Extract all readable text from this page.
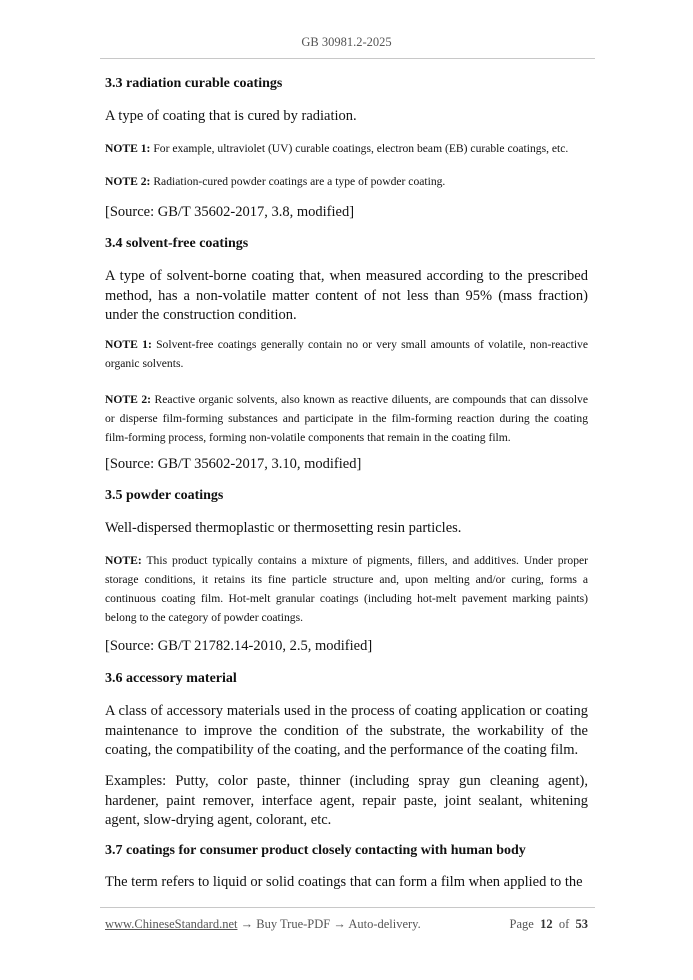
GB 30981.2-2025
3.3 radiation curable coatings
A type of coating that is cured by radiation.
NOTE 1: For example, ultraviolet (UV) curable coatings, electron beam (EB) curable coatings, etc.
NOTE 2: Radiation-cured powder coatings are a type of powder coating.
[Source: GB/T 35602-2017, 3.8, modified]
3.4 solvent-free coatings
A type of solvent-borne coating that, when measured according to the prescribed method, has a non-volatile matter content of not less than 95% (mass fraction) under the construction condition.
NOTE 1: Solvent-free coatings generally contain no or very small amounts of volatile, non-reactive organic solvents.
NOTE 2: Reactive organic solvents, also known as reactive diluents, are compounds that can dissolve or disperse film-forming substances and participate in the film-forming reaction during the coating film-forming process, forming non-volatile components that remain in the coating film.
[Source: GB/T 35602-2017, 3.10, modified]
3.5 powder coatings
Well-dispersed thermoplastic or thermosetting resin particles.
NOTE: This product typically contains a mixture of pigments, fillers, and additives. Under proper storage conditions, it retains its fine particle structure and, upon melting and/or curing, forms a continuous coating film. Hot-melt granular coatings (including hot-melt pavement marking paints) belong to the category of powder coatings.
[Source: GB/T 21782.14-2010, 2.5, modified]
3.6 accessory material
A class of accessory materials used in the process of coating application or coating maintenance to improve the condition of the substrate, the workability of the coating, the compatibility of the coating, and the performance of the coating film.
Examples: Putty, color paste, thinner (including spray gun cleaning agent), hardener, paint remover, interface agent, repair paste, joint sealant, whitening agent, slow-drying agent, colorant, etc.
3.7 coatings for consumer product closely contacting with human body
The term refers to liquid or solid coatings that can form a film when applied to the
www.ChineseStandard.net → Buy True-PDF → Auto-delivery.	Page 12 of 53
